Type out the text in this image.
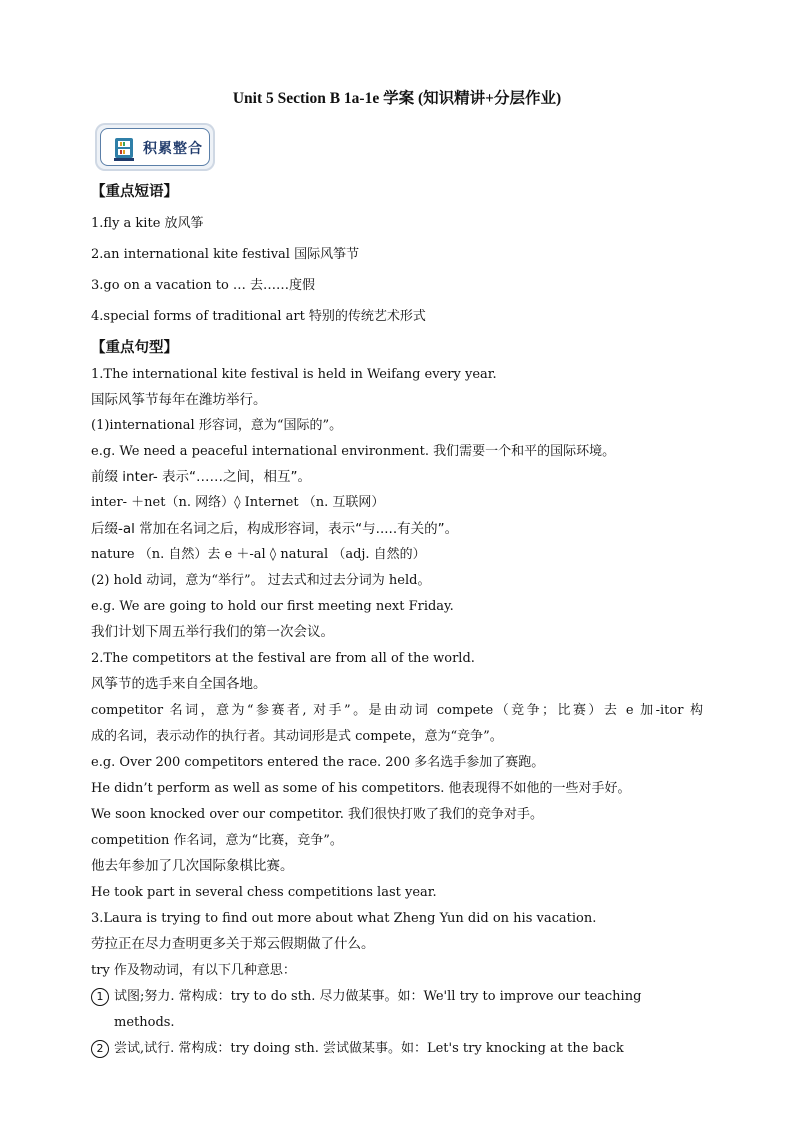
Unit 5 Section B 1a-1e 学案 (知识精讲+分层作业)
积累整合
【重点短语】
1.fly a kite 放风筝
2.an international kite festival 国际风筝节
3.go on a vacation to … 去……度假
4.special forms of traditional art 特别的传统艺术形式
【重点句型】
1.The international kite festival is held in Weifang every year.
国际风筝节每年在潍坊举行。
(1)international 形容词，意为“国际的”。
e.g. We need a peaceful international environment. 我们需要一个和平的国际环境。
前缀 inter- 表示“……之间，相互”。
inter- ＋net（n. 网络）◊ Internet （n. 互联网）
后缀-al 常加在名词之后，构成形容词，表示“与.....有关的”。
nature （n. 自然）去 e ＋-al ◊ natural （adj. 自然的）
(2) hold 动词，意为“举行”。 过去式和过去分词为 held。
e.g. We are going to hold our first meeting next Friday.
我们计划下周五举行我们的第一次会议。
2.The competitors at the festival are from all of the world.
风筝节的选手来自全国各地。
competitor 名词，意为“参赛者, 对手”。是由动词 compete（竞争；比赛）去 e 加-itor 构
成的名词，表示动作的执行者。其动词形是式 compete，意为“竞争”。
e.g. Over 200 competitors entered the race. 200 多名选手参加了赛跑。
He didn’t perform as well as some of his competitors. 他表现得不如他的一些对手好。
We soon knocked over our competitor. 我们很快打败了我们的竞争对手。
competition 作名词，意为“比赛，竞争”。
他去年参加了几次国际象棋比赛。
He took part in several chess competitions last year.
3.Laura is trying to find out more about what Zheng Yun did on his vacation.
劳拉正在尽力查明更多关于郑云假期做了什么。
try 作及物动词，有以下几种意思：
1 试图;努力. 常构成：try to do sth. 尽力做某事。如：We'll try to improve our teaching
methods.
2 尝试,试行. 常构成：try doing sth. 尝试做某事。如：Let's try knocking at the back
